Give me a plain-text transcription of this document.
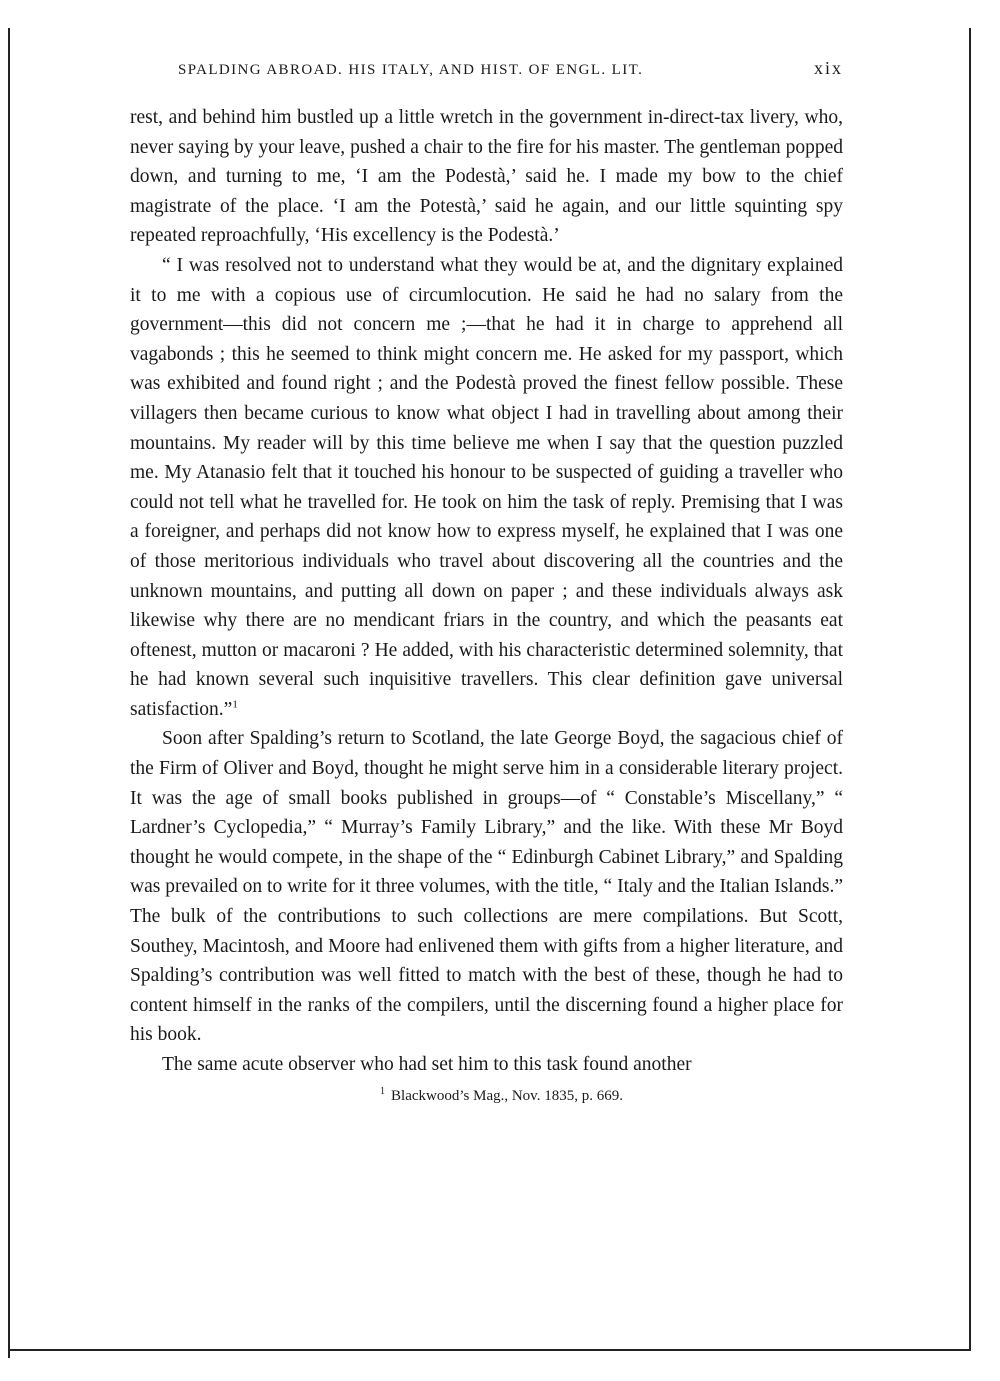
SPALDING ABROAD. HIS ITALY, AND HIST. OF ENGL. LIT.	xix

rest, and behind him bustled up a little wretch in the government in-direct-tax livery, who, never saying by your leave, pushed a chair to the fire for his master. The gentleman popped down, and turning to me, ‘I am the Podestà,’ said he. I made my bow to the chief magistrate of the place. ‘I am the Potestà,’ said he again, and our little squinting spy repeated reproachfully, ‘His excellency is the Podestà.’

“ I was resolved not to understand what they would be at, and the dignitary explained it to me with a copious use of circumlocution. He said he had no salary from the government—this did not concern me ;—that he had it in charge to apprehend all vagabonds ; this he seemed to think might concern me. He asked for my passport, which was exhibited and found right ; and the Podestà proved the finest fellow possible. These villagers then became curious to know what object I had in travelling about among their mountains. My reader will by this time believe me when I say that the question puzzled me. My Atanasio felt that it touched his honour to be suspected of guiding a traveller who could not tell what he travelled for. He took on him the task of reply. Premising that I was a foreigner, and perhaps did not know how to express myself, he explained that I was one of those meritorious individuals who travel about discovering all the countries and the unknown mountains, and putting all down on paper ; and these individuals always ask likewise why there are no mendicant friars in the country, and which the peasants eat oftenest, mutton or macaroni ? He added, with his characteristic determined solemnity, that he had known several such inquisitive travellers. This clear definition gave universal satisfaction.”$^1$

Soon after Spalding’s return to Scotland, the late George Boyd, the sagacious chief of the Firm of Oliver and Boyd, thought he might serve him in a considerable literary project. It was the age of small books published in groups—of “ Constable’s Miscellany,” “ Lardner’s Cyclopedia,” “ Murray’s Family Library,” and the like. With these Mr Boyd thought he would compete, in the shape of the “ Edinburgh Cabinet Library,” and Spalding was prevailed on to write for it three volumes, with the title, “ Italy and the Italian Islands.” The bulk of the contributions to such collections are mere compilations. But Scott, Southey, Macintosh, and Moore had enlivened them with gifts from a higher literature, and Spalding’s contribution was well fitted to match with the best of these, though he had to content himself in the ranks of the compilers, until the discerning found a higher place for his book.

The same acute observer who had set him to this task found another

$^1$ Blackwood’s Mag., Nov. 1835, p. 669.
